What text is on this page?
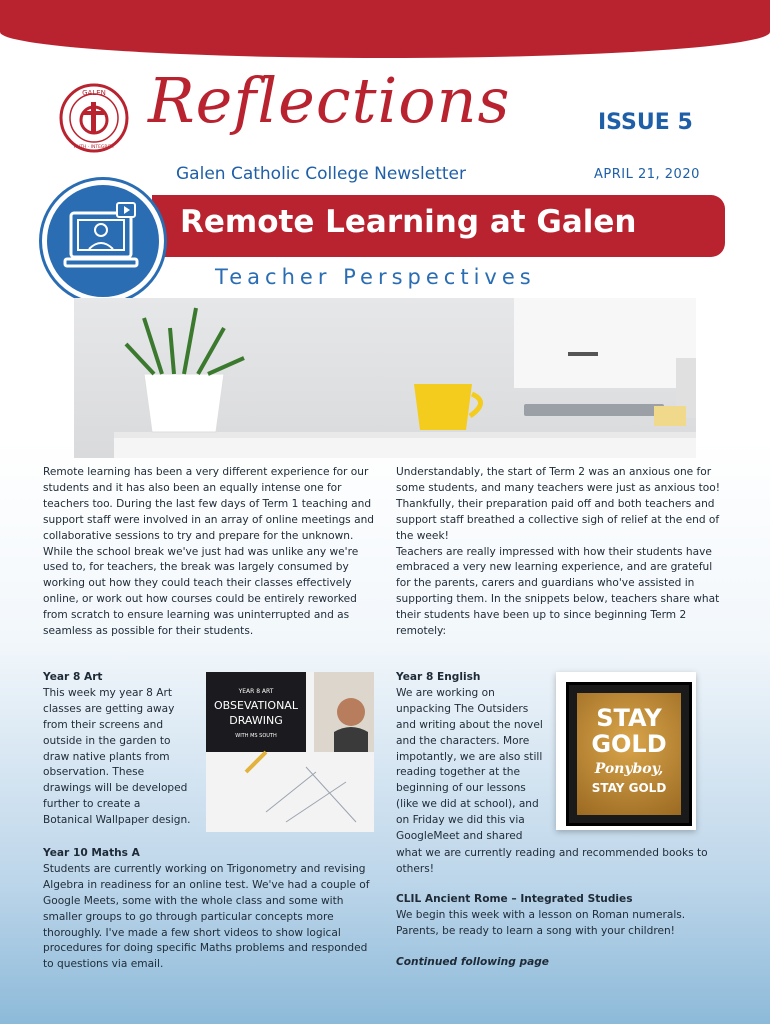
GALEN
FAITH · INTEGRITY
Reflections	ISSUE 5
Galen Catholic College Newsletter	APRIL 21, 2020
Remote Learning at Galen
Teacher Perspectives

Remote learning has been a very different experience for our students and it has also been an equally intense one for teachers too. During the last few days of Term 1 teaching and support staff were involved in an array of online meetings and collaborative sessions to try and prepare for the unknown.

While the school break we've just had was unlike any we're used to, for teachers, the break was largely consumed by working out how they could teach their classes effectively online, or work out how courses could be entirely reworked from scratch to ensure learning was uninterrupted and as seamless as possible for their students.

Understandably, the start of Term 2 was an anxious one for some students, and many teachers were just as anxious too! Thankfully, their preparation paid off and both teachers and support staff breathed a collective sigh of relief at the end of the week!

Teachers are really impressed with how their students have embraced a very new learning experience, and are grateful for the parents, carers and guardians who've assisted in supporting them. In the snippets below, teachers share what their students have been up to since beginning Term 2 remotely:

Year 8 Art

This week my year 8 Art classes are getting away from their screens and outside in the garden to draw native plants from observation. These drawings will be developed further to create a Botanical Wallpaper design.

YEAR 8 ART
OBSEVATIONAL
DRAWING
WITH MS SOUTH

Year 10 Maths A

Students are currently working on Trigonometry and revising Algebra in readiness for an online test. We've had a couple of Google Meets, some with the whole class and some with smaller groups to go through particular concepts more thoroughly. I've made a few short videos to show logical procedures for doing specific Maths problems and responded to questions via email.

Year 8 English

We are working on unpacking The Outsiders and writing about the novel and the characters. More impotantly, we are also still reading together at the beginning of our lessons (like we did at school), and on Friday we did this via GoogleMeet and shared

STAY
GOLD
Ponyboy,
STAY GOLD

what we are currently reading and recommended books to others!

CLIL Ancient Rome – Integrated Studies

We begin this week with a lesson on Roman numerals. Parents, be ready to learn a song with your children!

Continued following page
